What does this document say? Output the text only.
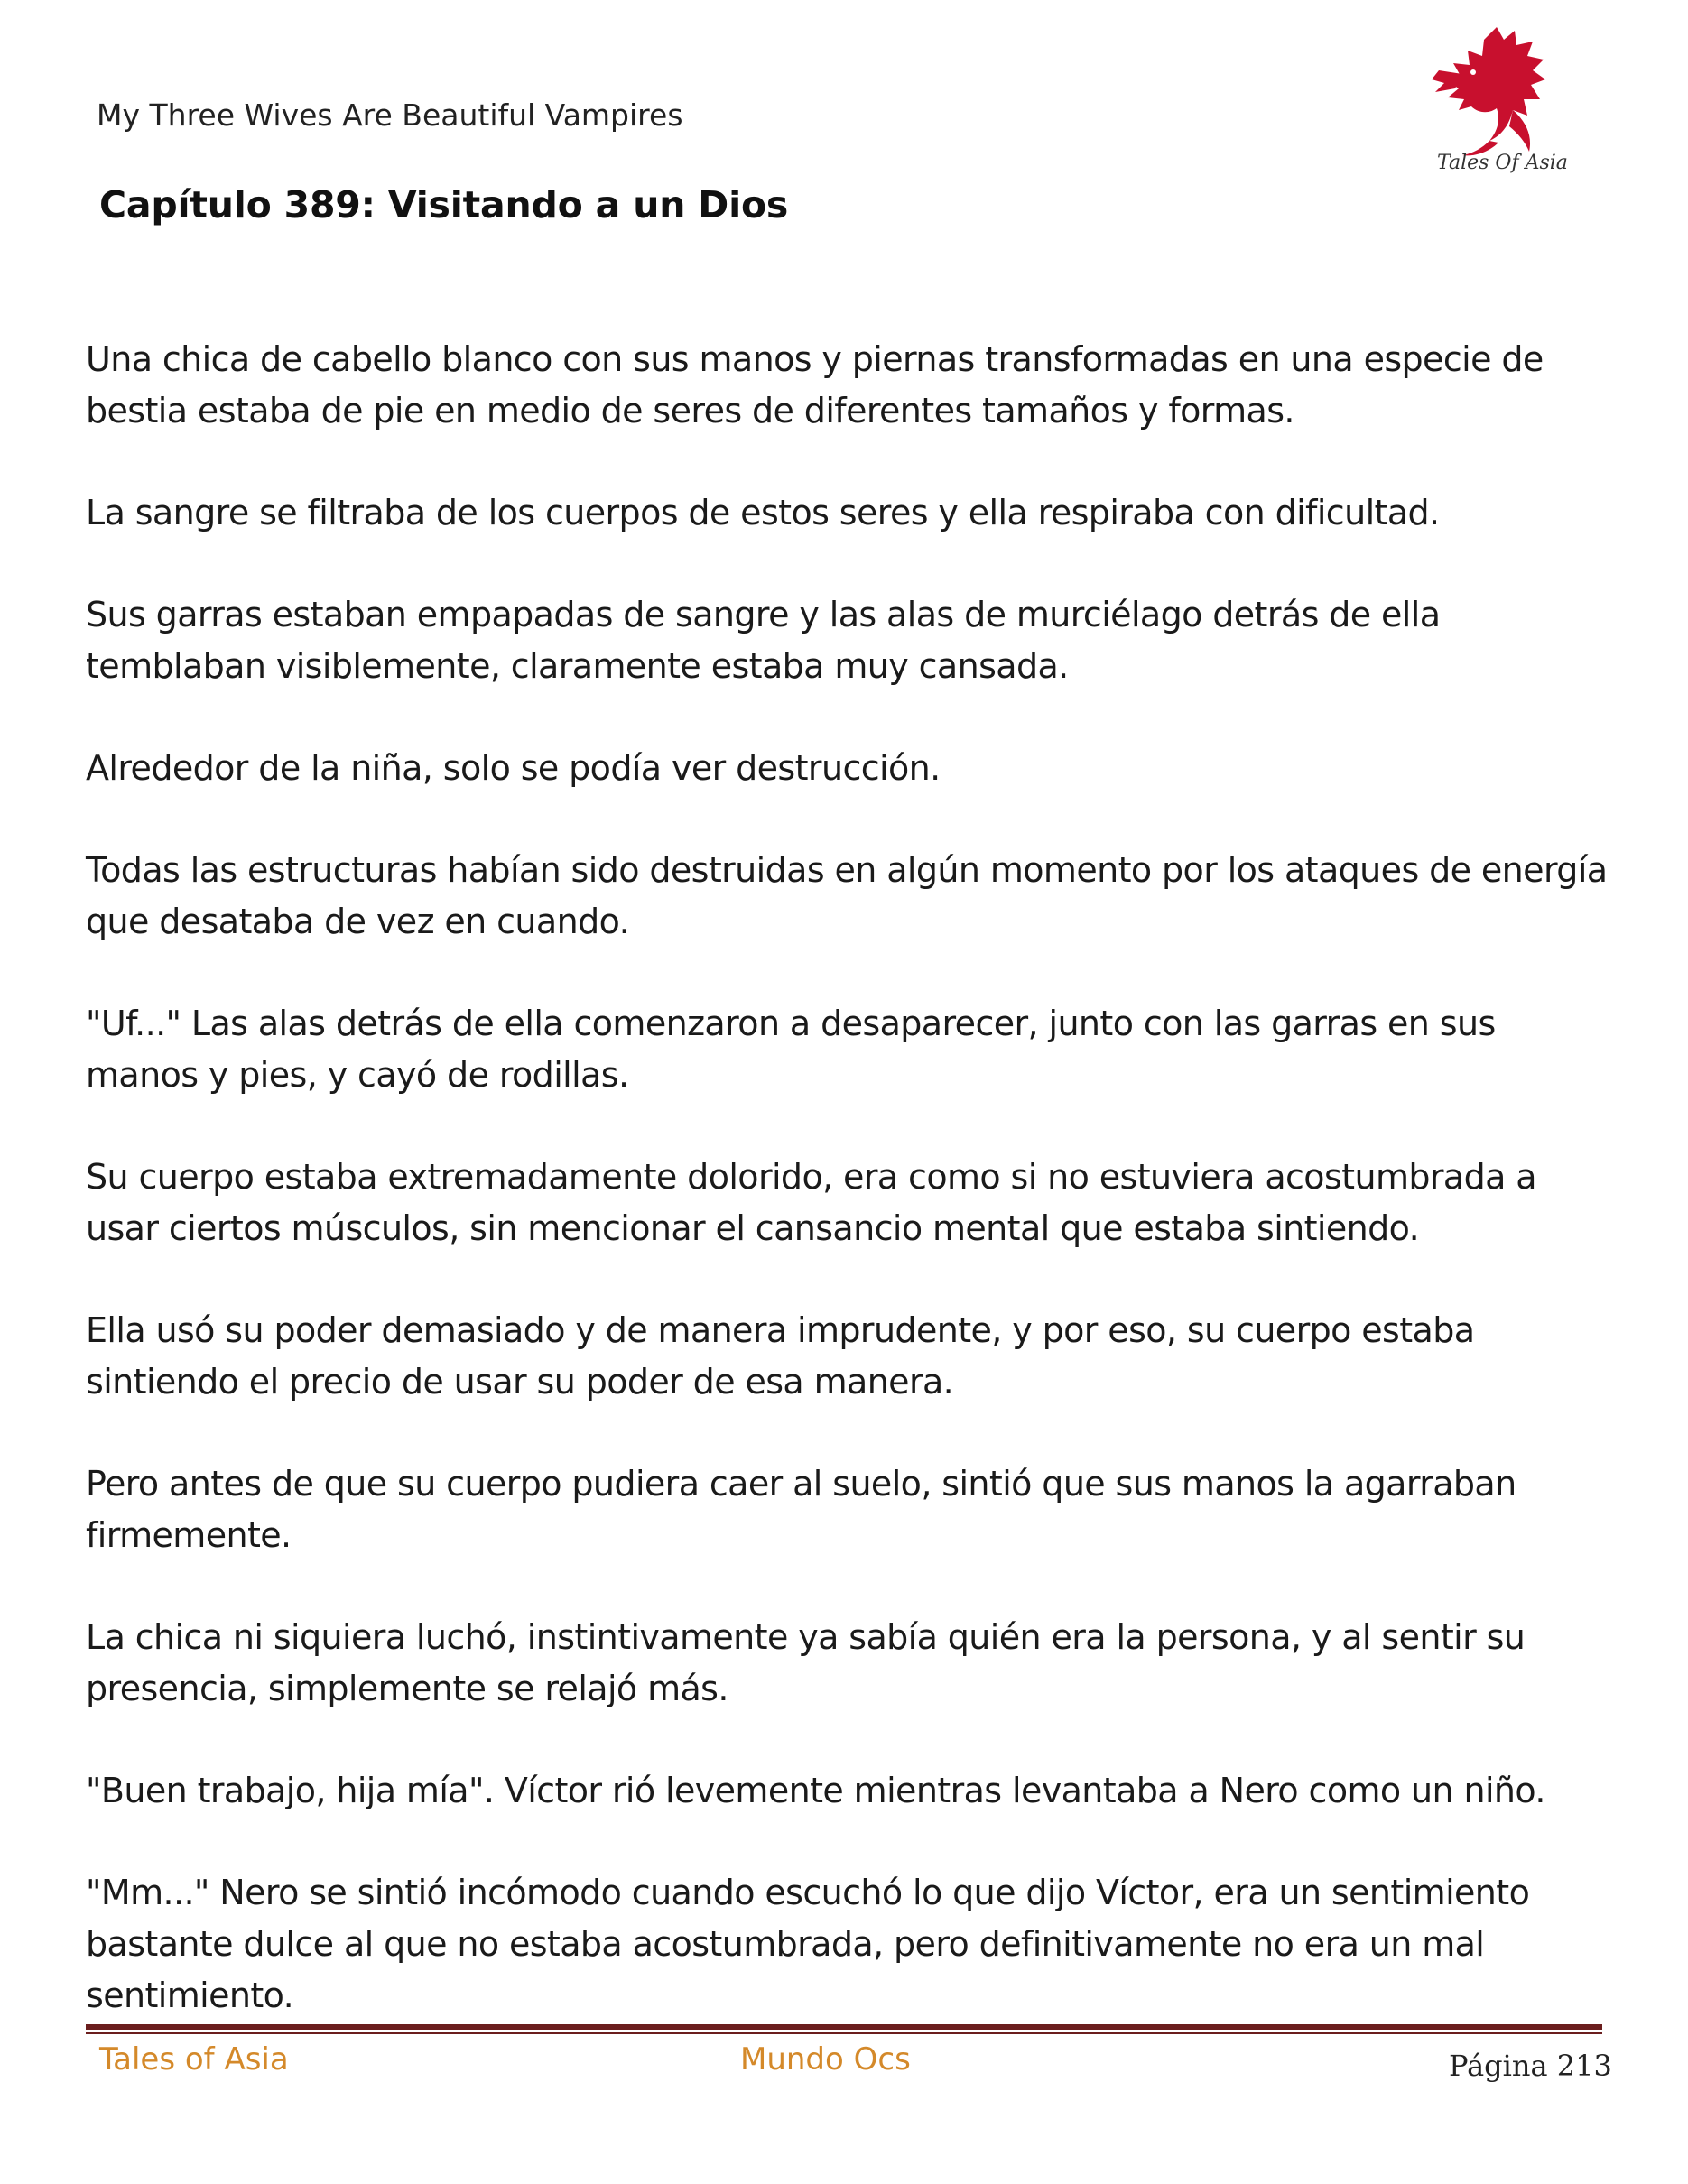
My Three Wives Are Beautiful Vampires
Capítulo 389: Visitando a un Dios
Tales Of Asia

Una chica de cabello blanco con sus manos y piernas transformadas en una especie de bestia estaba de pie en medio de seres de diferentes tamaños y formas.

La sangre se filtraba de los cuerpos de estos seres y ella respiraba con dificultad.

Sus garras estaban empapadas de sangre y las alas de murciélago detrás de ella temblaban visiblemente, claramente estaba muy cansada.

Alrededor de la niña, solo se podía ver destrucción.

Todas las estructuras habían sido destruidas en algún momento por los ataques de energía que desataba de vez en cuando.

"Uf..." Las alas detrás de ella comenzaron a desaparecer, junto con las garras en sus manos y pies, y cayó de rodillas.

Su cuerpo estaba extremadamente dolorido, era como si no estuviera acostumbrada a usar ciertos músculos, sin mencionar el cansancio mental que estaba sintiendo.

Ella usó su poder demasiado y de manera imprudente, y por eso, su cuerpo estaba sintiendo el precio de usar su poder de esa manera.

Pero antes de que su cuerpo pudiera caer al suelo, sintió que sus manos la agarraban firmemente.

La chica ni siquiera luchó, instintivamente ya sabía quién era la persona, y al sentir su presencia, simplemente se relajó más.

"Buen trabajo, hija mía". Víctor rió levemente mientras levantaba a Nero como un niño.

"Mm..." Nero se sintió incómodo cuando escuchó lo que dijo Víctor, era un sentimiento bastante dulce al que no estaba acostumbrada, pero definitivamente no era un mal sentimiento.

Tales of Asia	Mundo Ocs	Página 213
